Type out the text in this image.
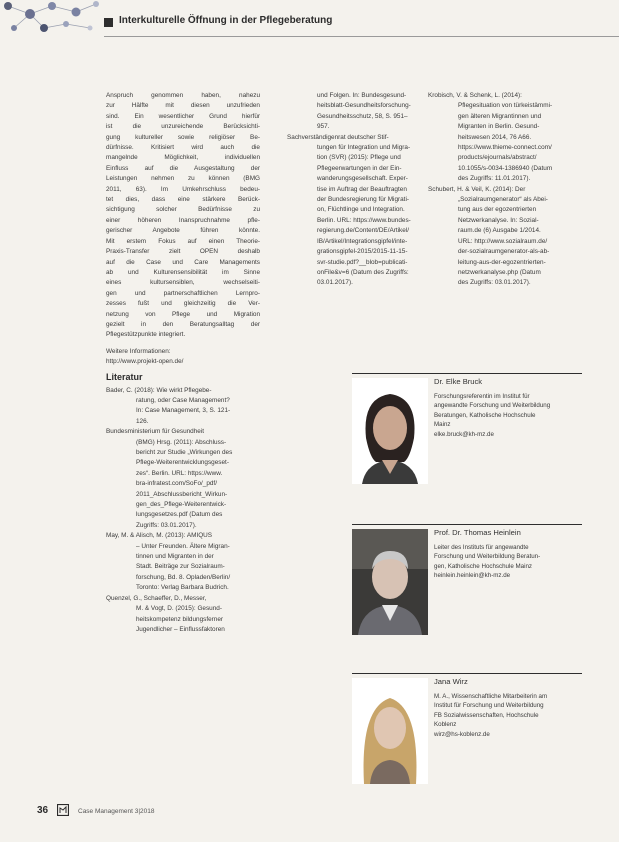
Interkulturelle Öffnung in der Pflegeberatung
Anspruch genommen haben, nahezu
zur Hälfte mit diesen unzufrieden
sind. Ein wesentlicher Grund hierfür
ist die unzureichende Berücksichti-
gung kultureller sowie religiöser Be-
dürfnisse. Kritisiert wird auch die
mangelnde Möglichkeit, individuellen
Einfluss auf die Ausgestaltung der
Leistungen nehmen zu können (BMG
2011, 63). Im Umkehrschluss bedeu-
tet dies, dass eine stärkere Berück-
sichtigung solcher Bedürfnisse zu
einer höheren Inanspruchnahme pfle-
gerischer Angebote führen könnte.
Mit erstem Fokus auf einen Theorie-
Praxis-Transfer zielt OPEN deshalb
auf die Case und Care Managements
ab und Kulturensensibilität im Sinne
eines kultursensiblen, wechselseiti-
gen und partnerschaftlichen Lernpro-
zesses fußt und gleichzeitig die Ver-
netzung von Pflege und Migration
gezielt in den Beratungsalltag der
Pflegestützpunkte integriert.

Weitere Informationen:

http://www.projekt-open.de/

Literatur
Bader, C. (2018): Wie wirkt Pflegebe-
ratung, oder Case Management?
In: Case Management, 3, S. 121-
126.
Bundesministerium für Gesundheit
(BMG) Hrsg. (2011): Abschluss-
bericht zur Studie „Wirkungen des
Pflege-Weiterentwicklungsgeset-
zes“. Berlin. URL: https://www.
bra-infratest.com/SoFo/_pdf/
2011_Abschlussbericht_Wirkun-
gen_des_Pflege-Weiterentwick-
lungsgesetzes.pdf (Datum des
Zugriffs: 03.01.2017).
May, M. & Alisch, M. (2013): AMIQUS
– Unter Freunden. Ältere Migran-
tinnen und Migranten in der
Stadt. Beiträge zur Sozialraum-
forschung, Bd. 8. Opladen/Berlin/
Toronto: Verlag Barbara Budrich.
Quenzel, G., Schaeffer, D., Messer,
M. & Vogt, D. (2015): Gesund-
heitskompetenz bildungsferner
Jugendlicher – Einflussfaktoren
und Folgen. In: Bundesgesund-
heitsblatt-Gesundheitsforschung-
Gesundheitsschutz, 58, S. 951–
957.
Sachverständigenrat deutscher Stif-
tungen für Integration und Migra-
tion (SVR) (2015): Pflege und
Pflegeerwartungen in der Ein-
wanderungsgesellschaft. Exper-
tise im Auftrag der Beauftragten
der Bundesregierung für Migrati-
on, Flüchtlinge und Integration.
Berlin. URL: https://www.bundes-
regierung.de/Content/DE/Artikel/
IB/Artikel/Integrationsgipfel/inte-
grationsgipfel-2015/2015-11-15-
svr-studie.pdf?__blob=publicati-
onFile&v=6 (Datum des Zugriffs:
03.01.2017).
Krobisch, V. & Schenk, L. (2014):
Pflegesituation von türkeistämmi-
gen älteren Migrantinnen und
Migranten in Berlin. Gesund-
heitswesen 2014, 76 A66.
https://www.thieme-connect.com/
products/ejournals/abstract/
10.1055/s-0034-1386940 (Datum
des Zugriffs: 11.01.2017).
Schubert, H. & Veil, K. (2014): Der
„Sozialraumgenerator“ als Abei-
tung aus der egozentrierten
Netzwerkanalyse. In: Sozial-
raum.de (6) Ausgabe 1/2014.
URL: http://www.sozialraum.de/
der-sozialraumgenerator-als-ab-
leitung-aus-der-egozentrierten-
netzwerkanalyse.php (Datum
des Zugriffs: 03.01.2017).
Dr. Elke Bruck
Forschungsreferentin im Institut für
angewandte Forschung und Weiterbildung
Beratungen, Katholische Hochschule
Mainz
elke.bruck@kh-mz.de
Prof. Dr. Thomas Heinlein
Leiter des Instituts für angewandte
Forschung und Weiterbildung Beratun-
gen, Katholische Hochschule Mainz
heinlein.heinlein@kh-mz.de
Jana Wirz
M. A., Wissenschaftliche Mitarbeiterin am
Institut für Forschung und Weiterbildung
FB Sozialwissenschaften, Hochschule
Koblenz
wirz@hs-koblenz.de
36	Case Management 3|2018
